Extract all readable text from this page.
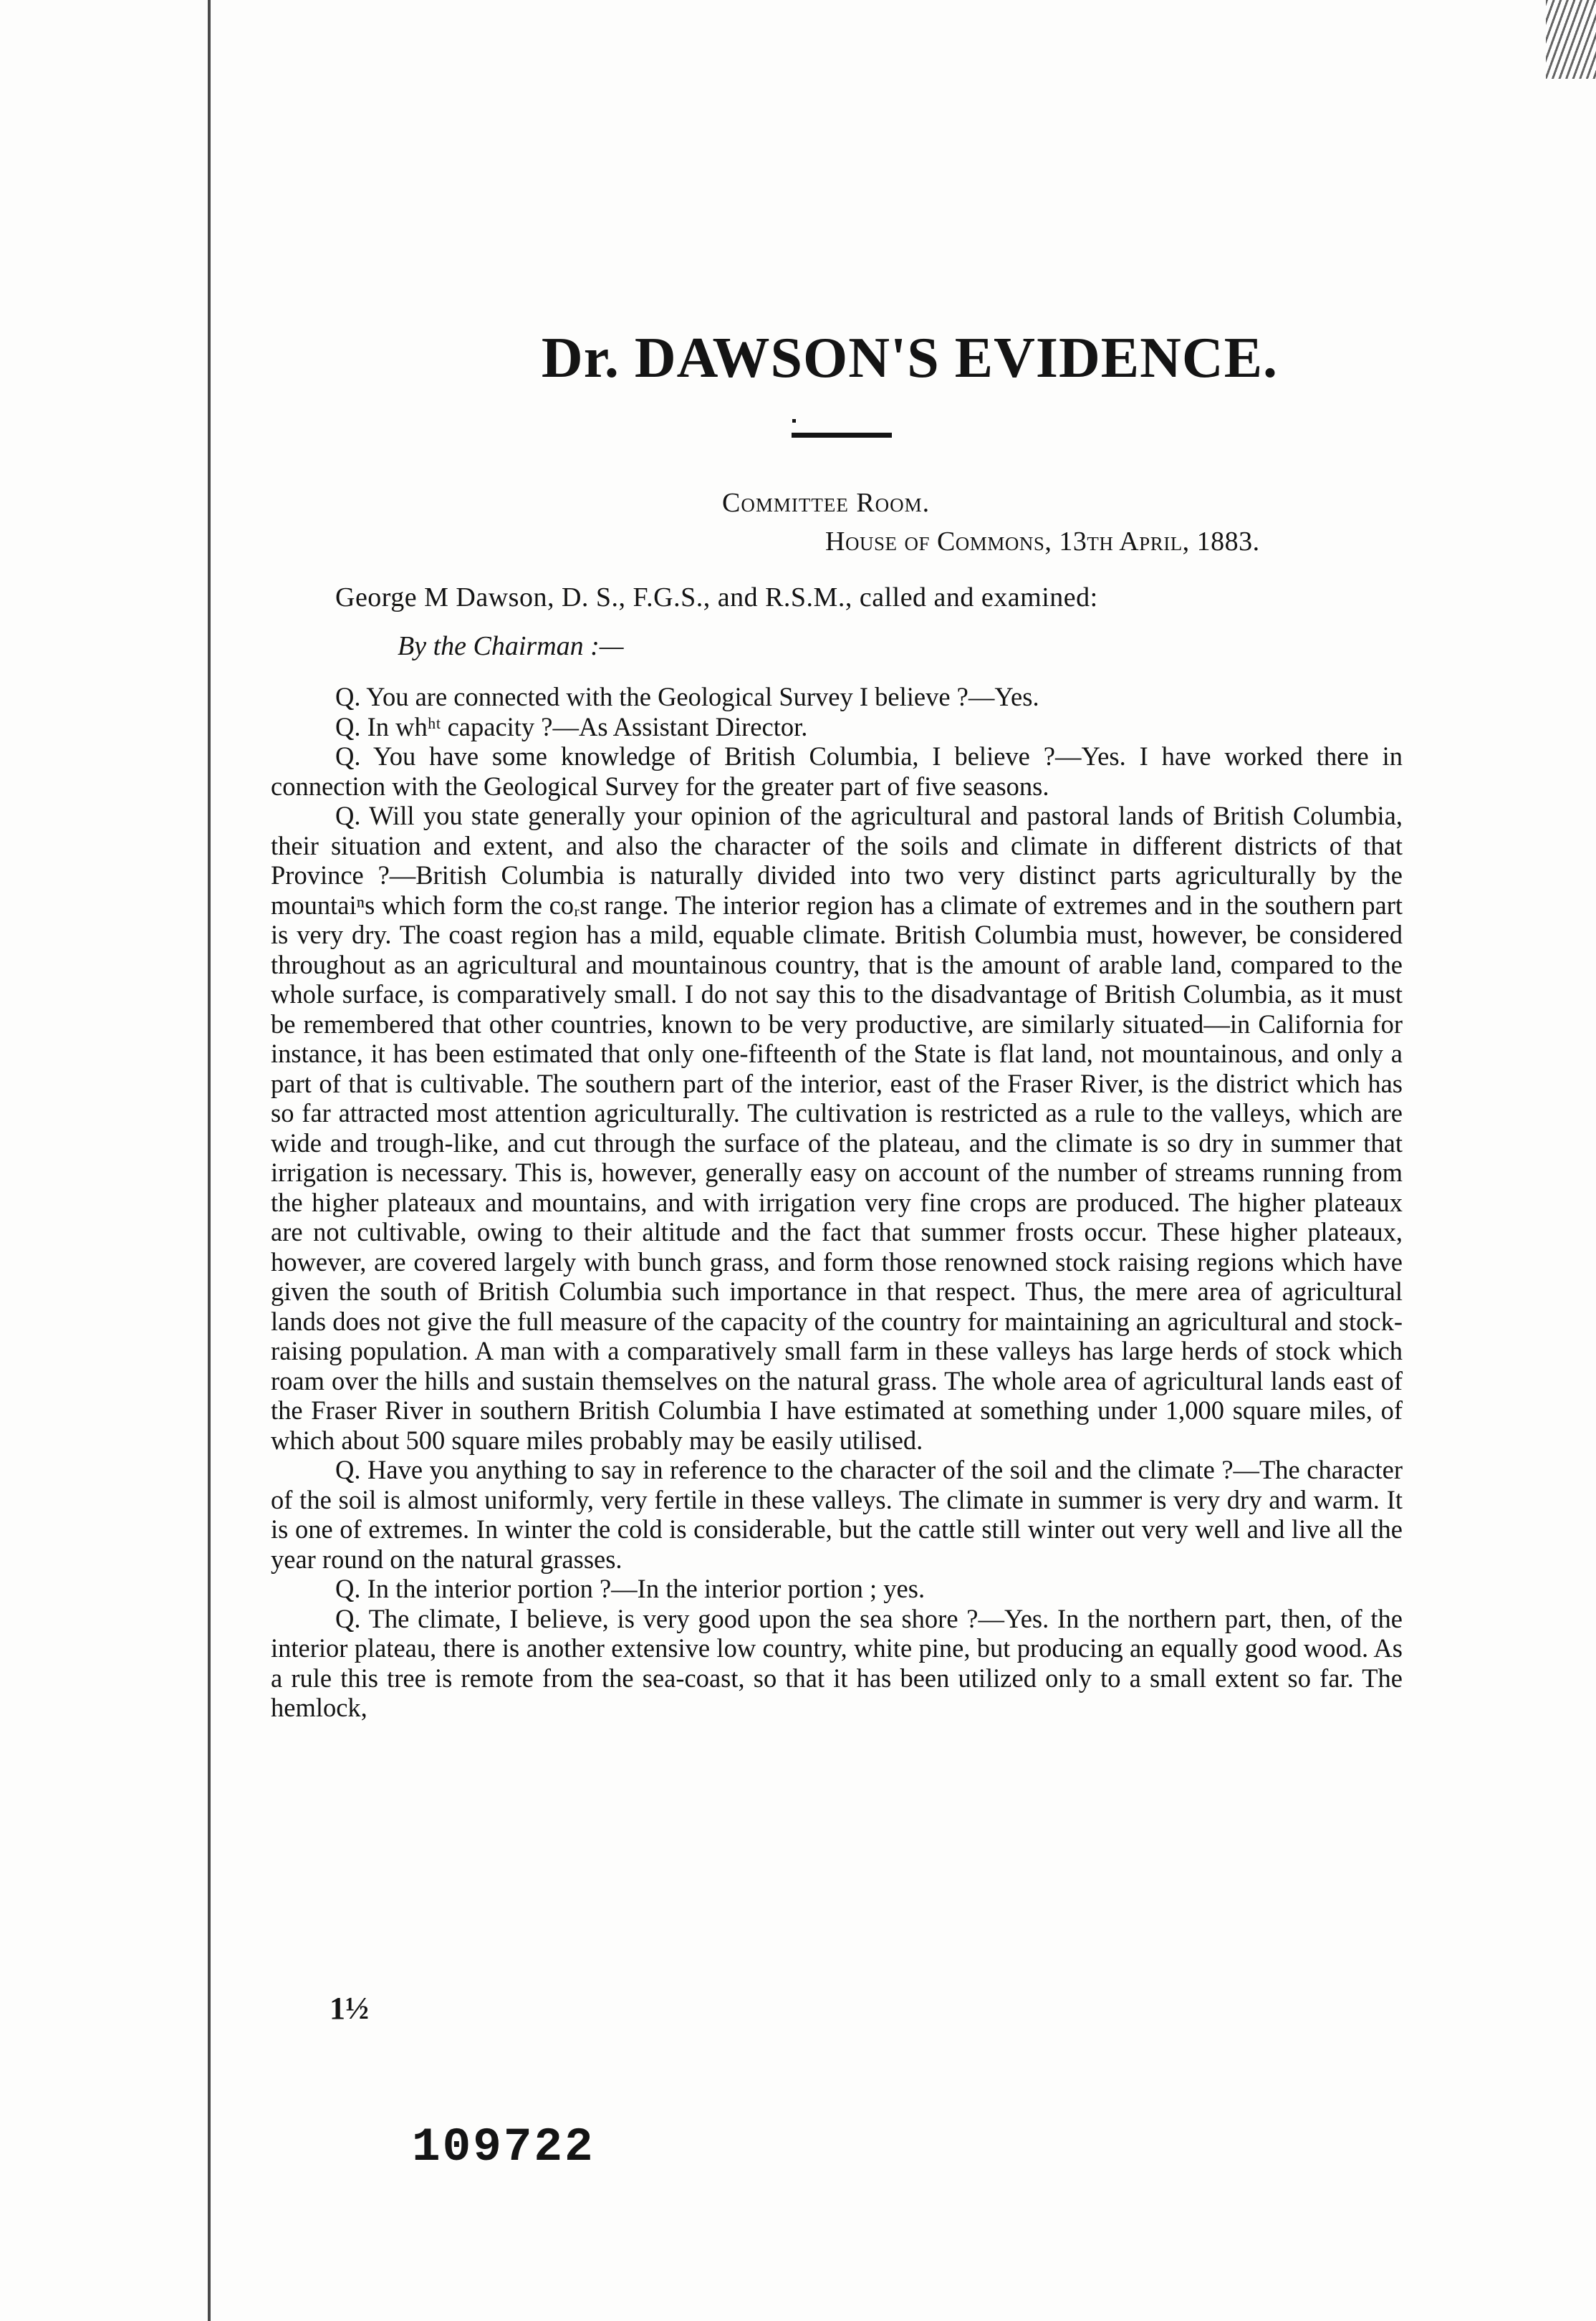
Dr. DAWSON'S EVIDENCE.
Committee Room.
House of Commons, 13th April, 1883.
George M Dawson, D. S., F.G.S., and R.S.M., called and examined:
By the Chairman :—

Q. You are connected with the Geological Survey I believe ?—Yes.

Q. In whʰᵗ capacity ?—As Assistant Director.

Q. You have some knowledge of British Columbia, I believe ?—Yes. I have worked there in connection with the Geological Survey for the greater part of five seasons.

Q. Will you state generally your opinion of the agricultural and pastoral lands of British Columbia, their situation and extent, and also the character of the soils and climate in different districts of that Province ?—British Columbia is naturally divided into two very distinct parts agriculturally by the mountaiⁿs which form the coᵣst range. The interior region has a climate of extremes and in the southern part is very dry. The coast region has a mild, equable climate. British Columbia must, however, be considered throughout as an agricultural and mountainous country, that is the amount of arable land, compared to the whole surface, is comparatively small. I do not say this to the disadvantage of British Columbia, as it must be remembered that other countries, known to be very productive, are similarly situated—in California for instance, it has been estimated that only one-fifteenth of the State is flat land, not mountainous, and only a part of that is cultivable. The southern part of the interior, east of the Fraser River, is the district which has so far attracted most attention agriculturally. The cultivation is restricted as a rule to the valleys, which are wide and trough-like, and cut through the surface of the plateau, and the climate is so dry in summer that irrigation is necessary. This is, however, generally easy on account of the number of streams running from the higher plateaux and mountains, and with irrigation very fine crops are produced. The higher plateaux are not cultivable, owing to their altitude and the fact that summer frosts occur. These higher plateaux, however, are covered largely with bunch grass, and form those renowned stock raising regions which have given the south of British Columbia such importance in that respect. Thus, the mere area of agricultural lands does not give the full measure of the capacity of the country for maintaining an agricultural and stock-raising population. A man with a comparatively small farm in these valleys has large herds of stock which roam over the hills and sustain themselves on the natural grass. The whole area of agricultural lands east of the Fraser River in southern British Columbia I have estimated at something under 1,000 square miles, of which about 500 square miles probably may be easily utilised.

Q. Have you anything to say in reference to the character of the soil and the climate ?—The character of the soil is almost uniformly, very fertile in these valleys. The climate in summer is very dry and warm. It is one of extremes. In winter the cold is considerable, but the cattle still winter out very well and live all the year round on the natural grasses.

Q. In the interior portion ?—In the interior portion ; yes.

Q. The climate, I believe, is very good upon the sea shore ?—Yes. In the northern part, then, of the interior plateau, there is another extensive low country, white pine, but producing an equally good wood. As a rule this tree is remote from the sea-coast, so that it has been utilized only to a small extent so far. The hemlock,

1½
109722
